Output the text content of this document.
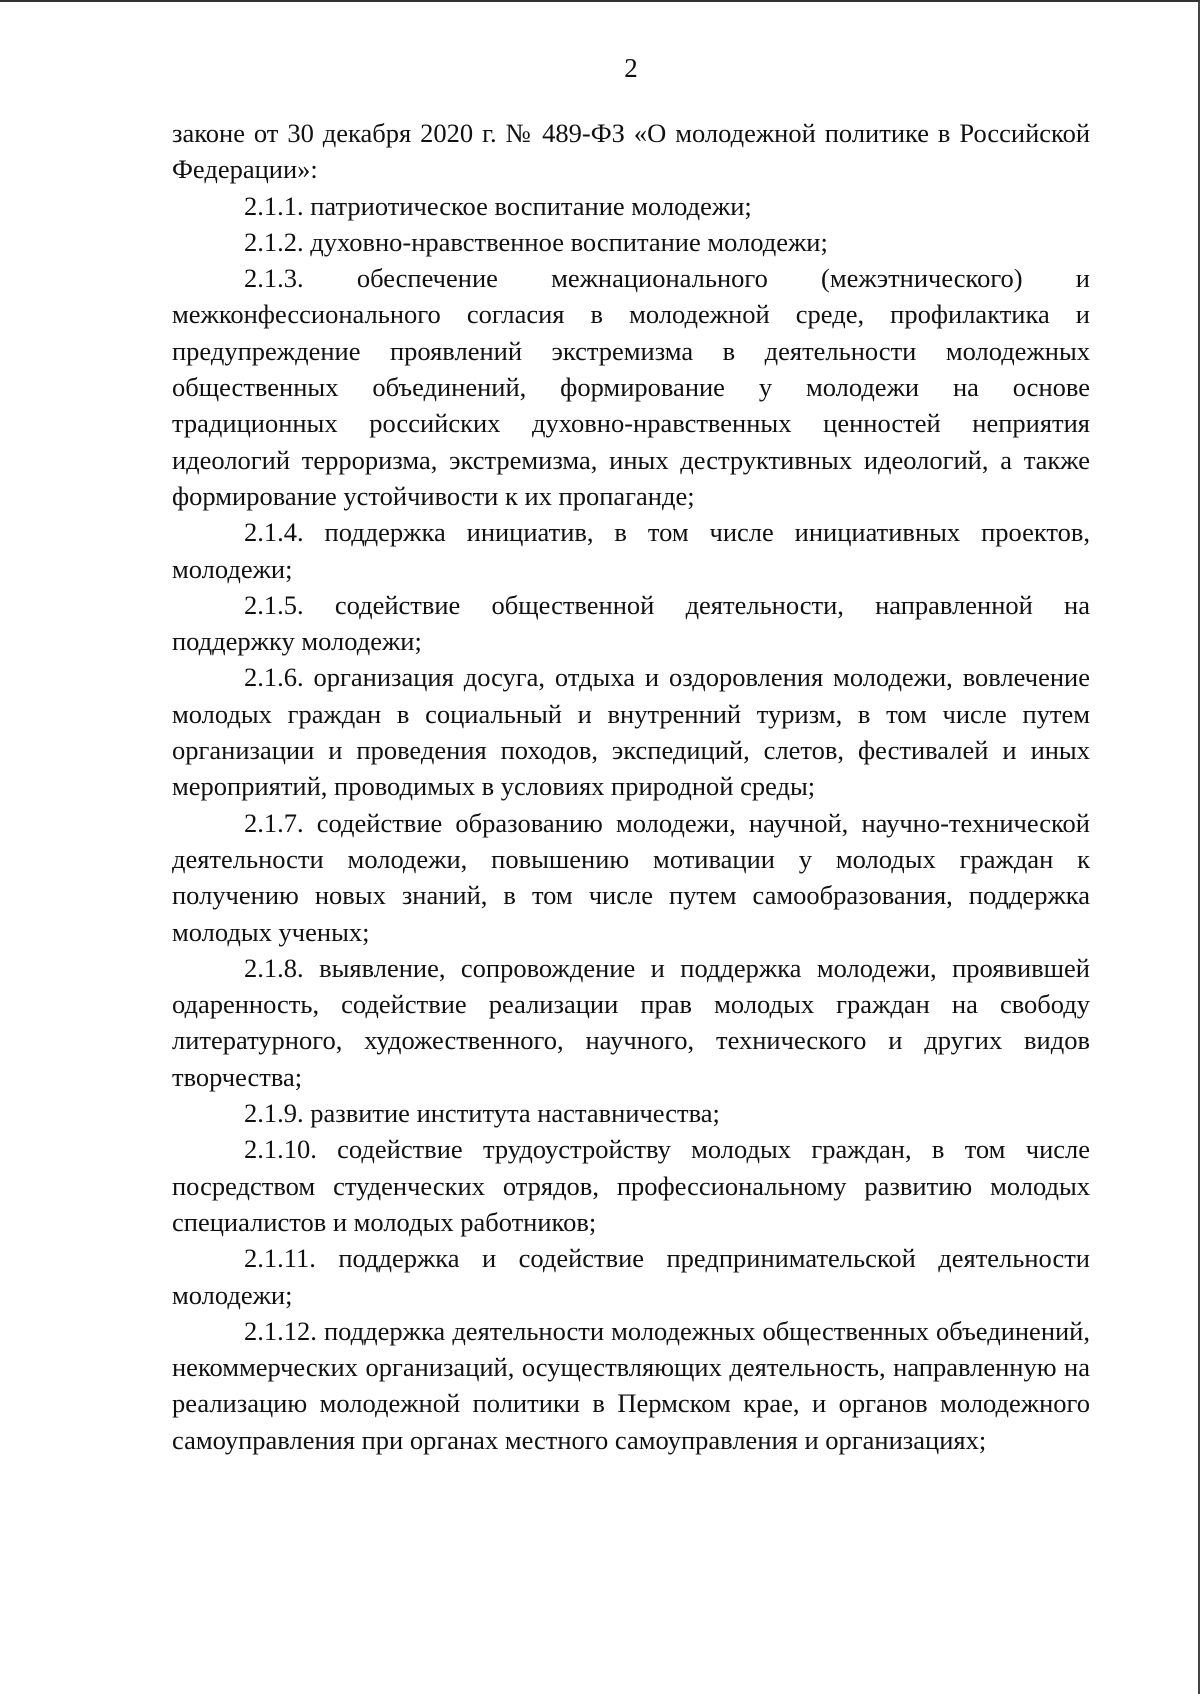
2

законе от 30 декабря 2020 г. № 489-ФЗ «О молодежной политике в Российской Федерации»:

2.1.1. патриотическое воспитание молодежи;

2.1.2. духовно-нравственное воспитание молодежи;

2.1.3. обеспечение межнационального (межэтнического) и межконфессионального согласия в молодежной среде, профилактика и предупреждение проявлений экстремизма в деятельности молодежных общественных объединений, формирование у молодежи на основе традиционных российских духовно-нравственных ценностей неприятия идеологий терроризма, экстремизма, иных деструктивных идеологий, а также формирование устойчивости к их пропаганде;

2.1.4. поддержка инициатив, в том числе инициативных проектов, молодежи;

2.1.5. содействие общественной деятельности, направленной на поддержку молодежи;

2.1.6. организация досуга, отдыха и оздоровления молодежи, вовлечение молодых граждан в социальный и внутренний туризм, в том числе путем организации и проведения походов, экспедиций, слетов, фестивалей и иных мероприятий, проводимых в условиях природной среды;

2.1.7. содействие образованию молодежи, научной, научно-технической деятельности молодежи, повышению мотивации у молодых граждан к получению новых знаний, в том числе путем самообразования, поддержка молодых ученых;

2.1.8. выявление, сопровождение и поддержка молодежи, проявившей одаренность, содействие реализации прав молодых граждан на свободу литературного, художественного, научного, технического и других видов творчества;

2.1.9. развитие института наставничества;

2.1.10. содействие трудоустройству молодых граждан, в том числе посредством студенческих отрядов, профессиональному развитию молодых специалистов и молодых работников;

2.1.11. поддержка и содействие предпринимательской деятельности молодежи;

2.1.12. поддержка деятельности молодежных общественных объединений, некоммерческих организаций, осуществляющих деятельность, направленную на реализацию молодежной политики в Пермском крае, и органов молодежного самоуправления при органах местного самоуправления и организациях;
